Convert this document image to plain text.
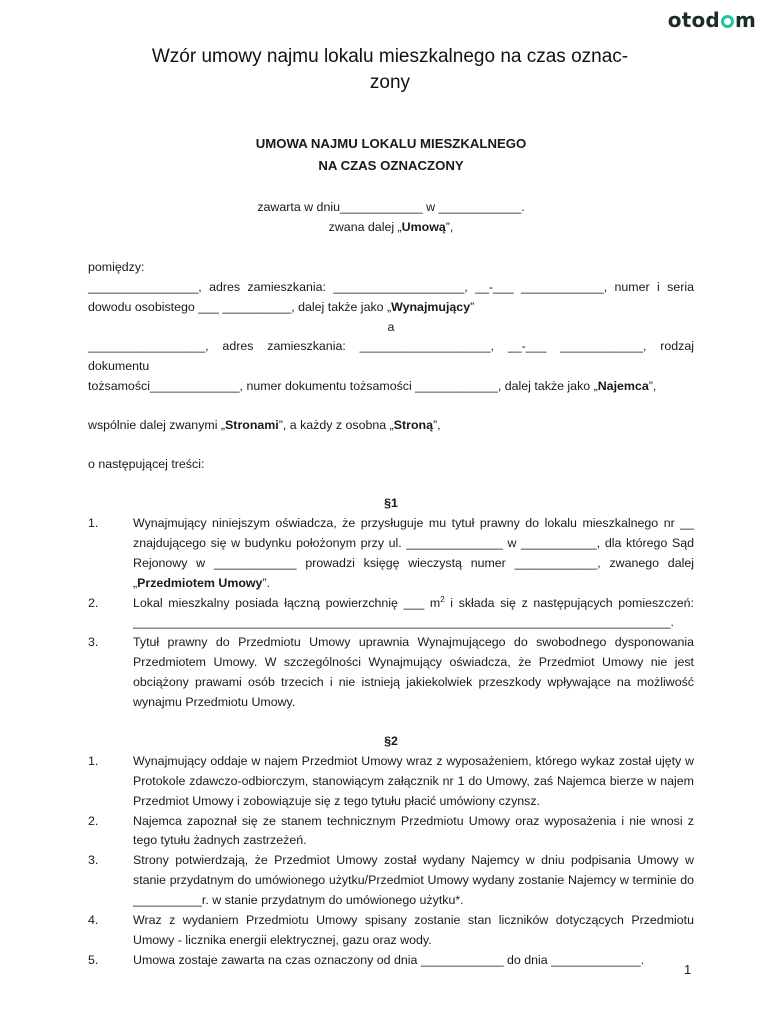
otod m
Wzór umowy najmu lokalu mieszkalnego na czas oznac-
zony
UMOWA NAJMU LOKALU MIESZKALNEGO
NA CZAS OZNACZONY
zawarta w dniu____________ w ____________.
zwana dalej „Umową”,
pomiędzy:
________________, adres zamieszkania: ___________________, __-___ ____________, numer i seria
dowodu osobistego ___ __________, dalej także jako „Wynajmujący”
a
_________________, adres zamieszkania: ___________________, __-___ ____________, rodzaj dokumentu
tożsamości_____________, numer dokumentu tożsamości ____________, dalej także jako „Najemca”,
wspólnie dalej zwanymi „Stronami”, a każdy z osobna „Stroną”,
o następującej treści:
§1
1.	Wynajmujący niniejszym oświadcza, że przysługuje mu tytuł prawny do lokalu mieszkalnego nr __ znajdującego się w budynku położonym przy ul. ______________ w ___________, dla którego Sąd Rejonowy w ____________ prowadzi księgę wieczystą numer ____________, zwanego dalej „Przedmiotem Umowy”.
2.	Lokal mieszkalny posiada łączną powierzchnię ___ $m^2$ i składa się z następujących pomieszczeń: ______________________________________________________________________________.
3.	Tytuł prawny do Przedmiotu Umowy uprawnia Wynajmującego do swobodnego dysponowania Przedmiotem Umowy. W szczególności Wynajmujący oświadcza, że Przedmiot Umowy nie jest obciążony prawami osób trzecich i nie istnieją jakiekolwiek przeszkody wpływające na możliwość wynajmu Przedmiotu Umowy.
§2
1.	Wynajmujący oddaje w najem Przedmiot Umowy wraz z wyposażeniem, którego wykaz został ujęty w Protokole zdawczo-odbiorczym, stanowiącym załącznik nr 1 do Umowy, zaś Najemca bierze w najem Przedmiot Umowy i zobowiązuje się z tego tytułu płacić umówiony czynsz.
2.	Najemca zapoznał się ze stanem technicznym Przedmiotu Umowy oraz wyposażenia i nie wnosi z tego tytułu żadnych zastrzeżeń.
3.	Strony potwierdzają, że Przedmiot Umowy został wydany Najemcy w dniu podpisania Umowy w stanie przydatnym do umówionego użytku/Przedmiot Umowy wydany zostanie Najemcy w terminie do __________r. w stanie przydatnym do umówionego użytku*.
4.	Wraz z wydaniem Przedmiotu Umowy spisany zostanie stan liczników dotyczących Przedmiotu Umowy - licznika energii elektrycznej, gazu oraz wody.
5.	Umowa zostaje zawarta na czas oznaczony od dnia ____________ do dnia _____________.
1
